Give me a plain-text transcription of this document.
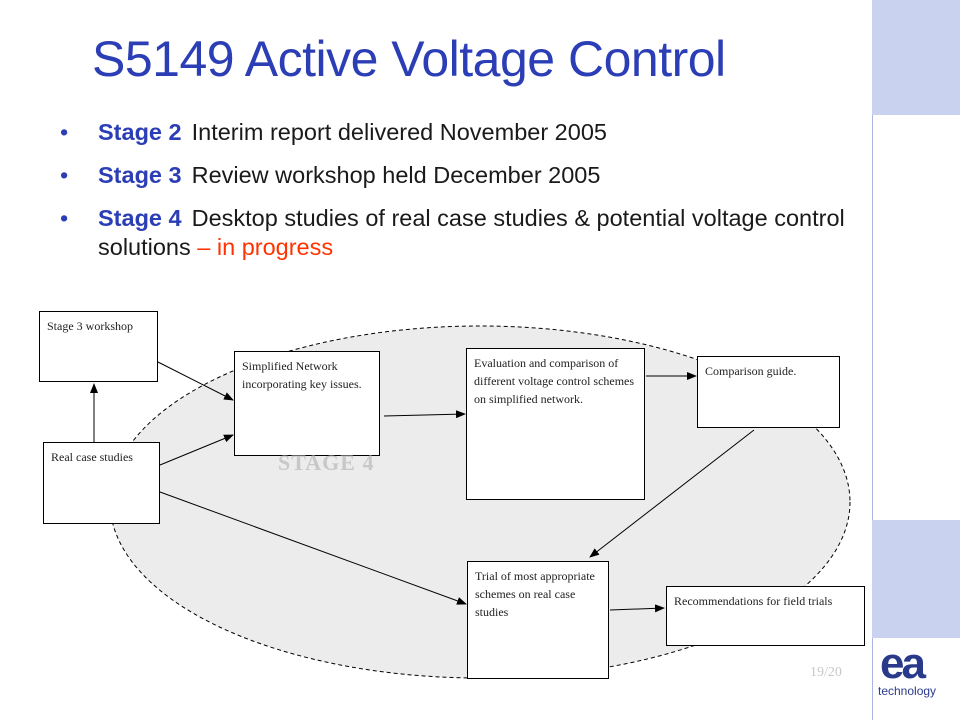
S5149 Active Voltage Control
• Stage 2 Interim report delivered November 2005
• Stage 3 Review workshop held December 2005
• Stage 4 Desktop studies of real case studies & potential voltage control solutions – in progress
Stage 3 workshop
Real case studies
Simplified Network incorporating key issues.
Evaluation and comparison of different voltage control schemes on simplified network.
Comparison guide.
Trial of most appropriate schemes on real case studies
Recommendations for field trials
STAGE 4
19/20 ea
technology
